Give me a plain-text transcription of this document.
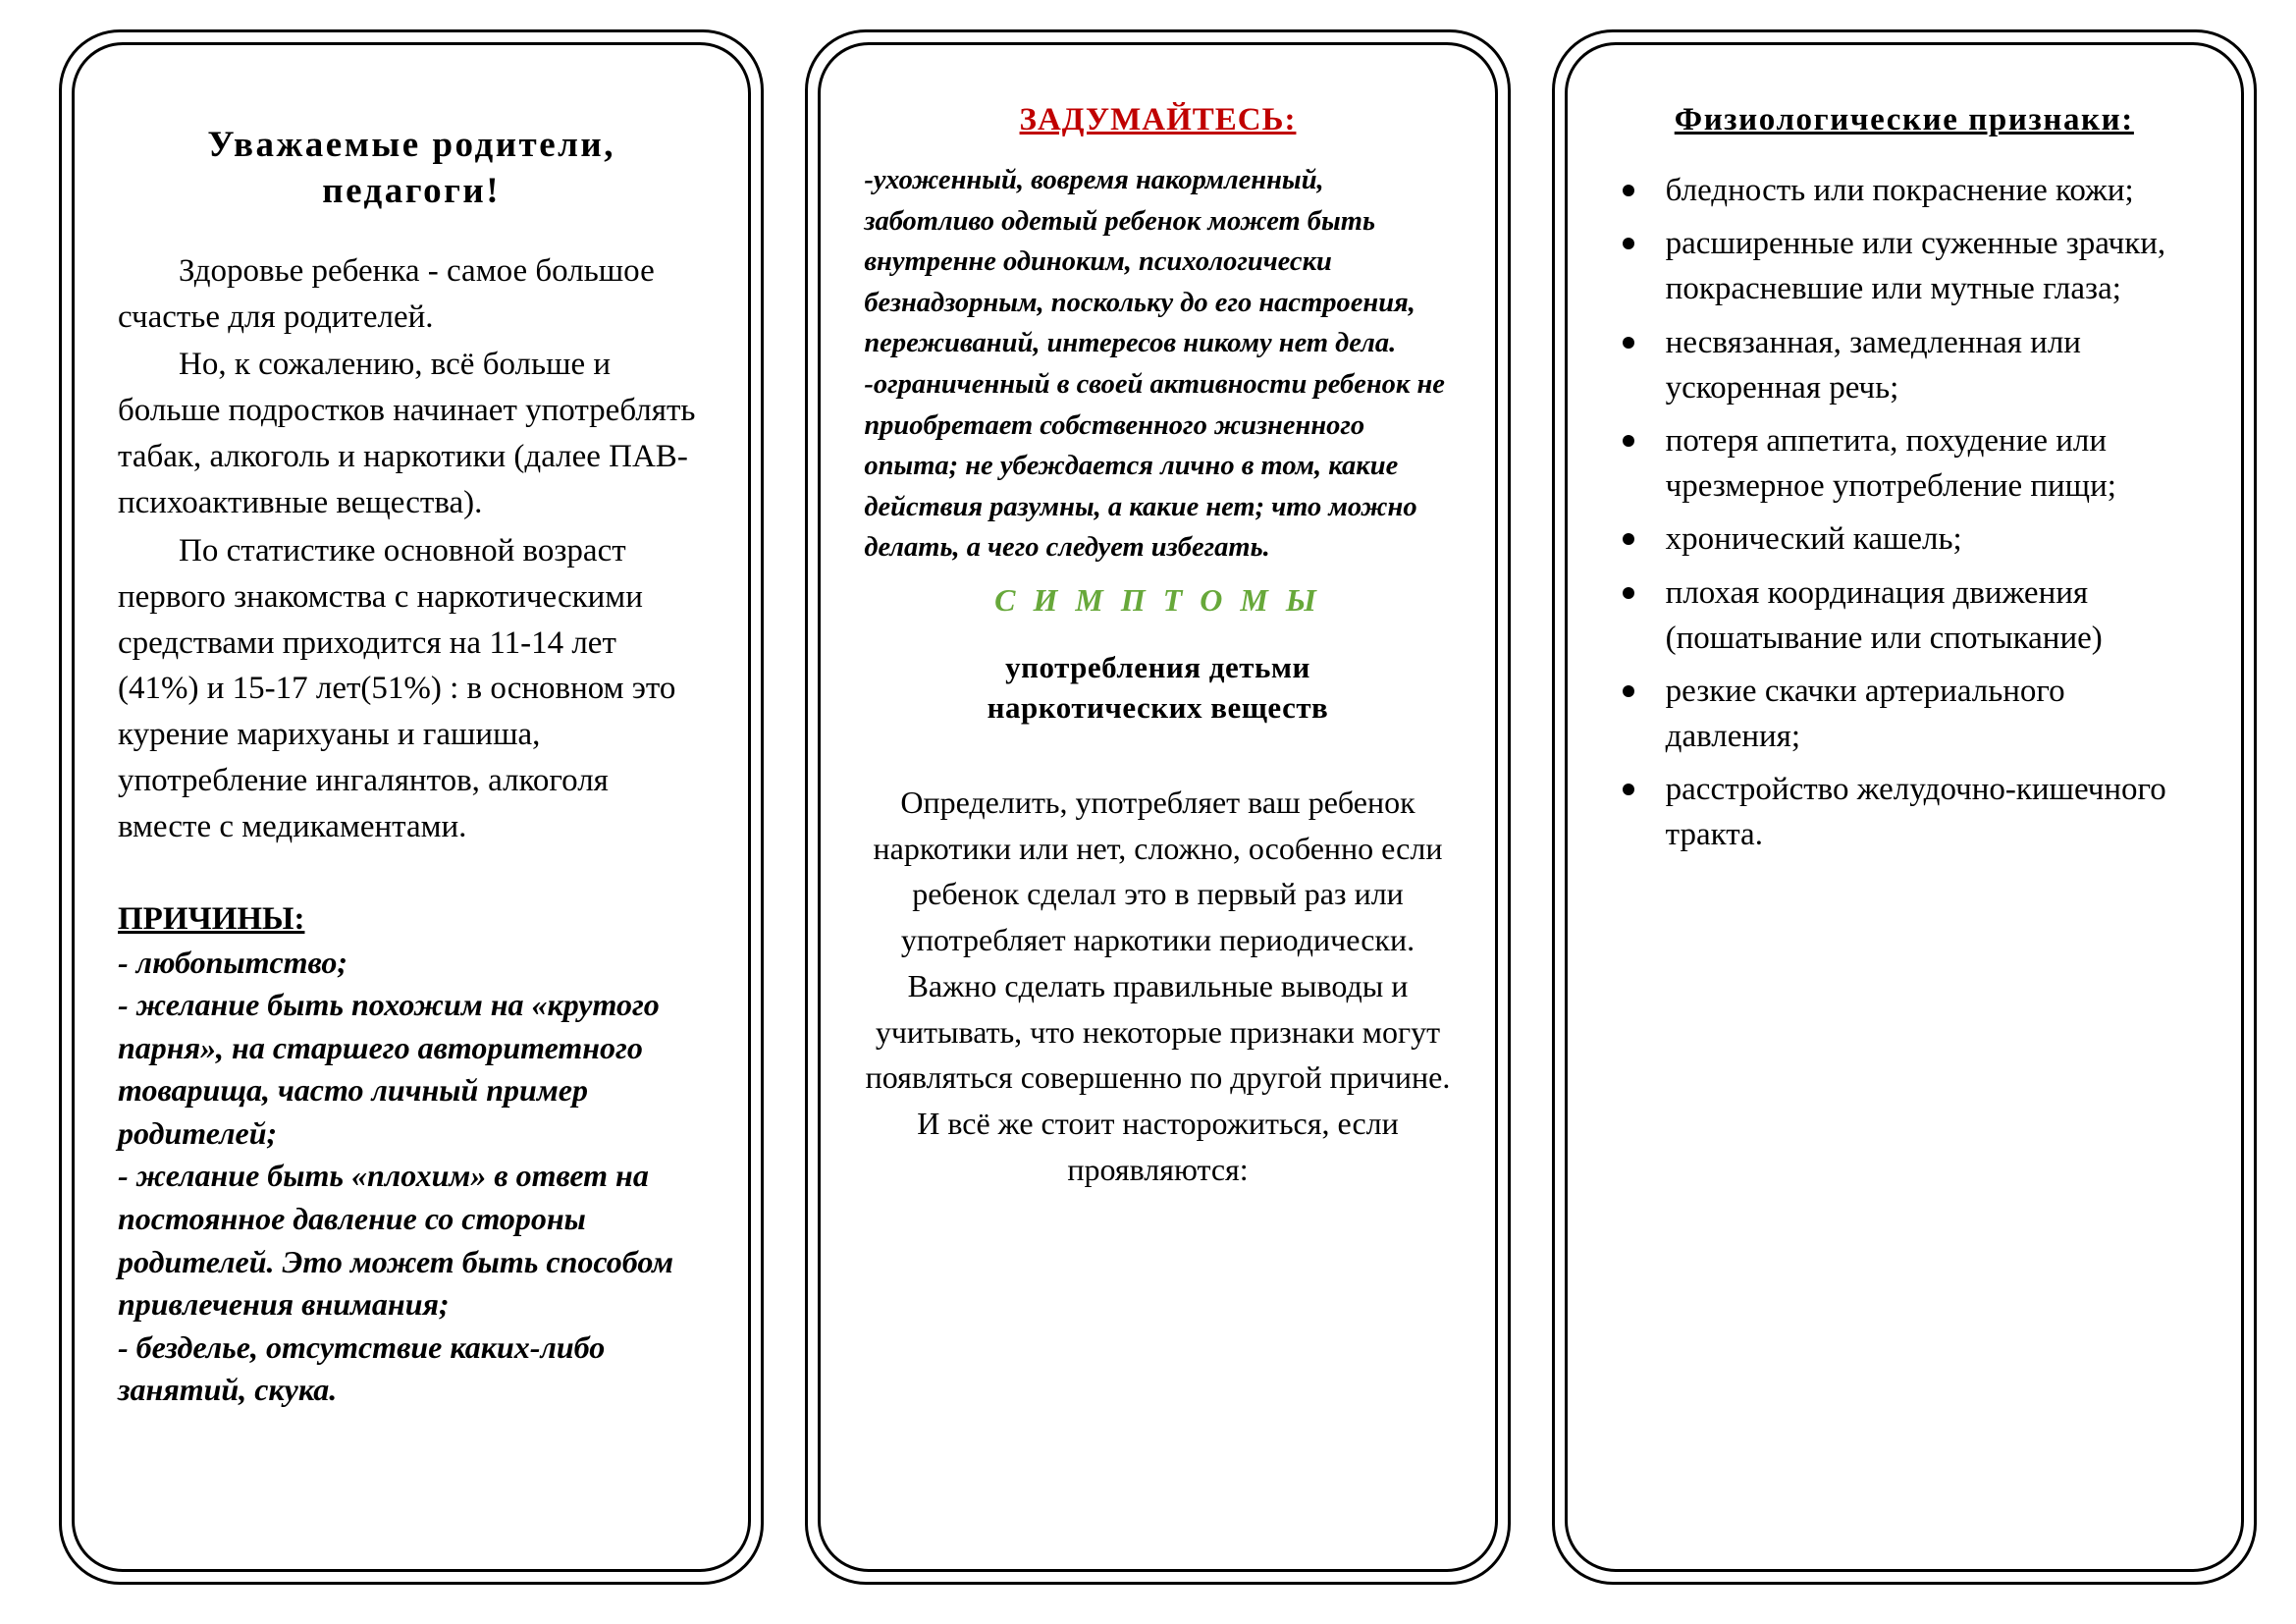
Уважаемые родители,
педагоги!

Здоровье ребенка - самое большое счастье для родителей.

Но, к сожалению, всё больше и больше подростков начинает употреблять табак, алкоголь и наркотики (далее ПАВ-психоактивные вещества).

По статистике основной возраст первого знакомства с наркотическими средствами приходится на 11-14 лет (41%) и 15-17 лет(51%) : в основном это курение марихуаны и гашиша, употребление ингалянтов, алкоголя вместе с медикаментами.

ПРИЧИНЫ:

- любопытство;

- желание быть похожим на «крутого парня», на старшего авторитетного товарища, часто личный пример родителей;

- желание быть «плохим» в ответ на постоянное давление со стороны родителей. Это может быть способом привлечения внимания;

- безделье, отсутствие каких-либо занятий, скука.

ЗАДУМАЙТЕСЬ:

-ухоженный, вовремя накормленный, заботливо одетый ребенок может быть внутренне одиноким, психологически безнадзорным, поскольку до его настроения, переживаний, интересов никому нет дела.

-ограниченный в своей активности ребенок не приобретает собственного жизненного опыта; не убеждается лично в том, какие действия разумны, а какие нет; что можно делать, а чего следует избегать.

С И М П Т О М Ы
употребления детьми
наркотических веществ

Определить, употребляет ваш ребенок наркотики или нет, сложно, особенно если ребенок сделал это в первый раз или употребляет наркотики периодически. Важно сделать правильные выводы и учитывать, что некоторые признаки могут появляться совершенно по другой причине. И всё же стоит насторожиться, если проявляются:

Физиологические признаки:
бледность или покраснение кожи;
расширенные или суженные зрачки, покрасневшие или мутные глаза;
несвязанная, замедленная или ускоренная речь;
потеря аппетита, похудение или чрезмерное употребление пищи;
хронический кашель;
плохая координация движения (пошатывание или спотыкание)
резкие скачки артериального давления;
расстройство желудочно-кишечного тракта.
